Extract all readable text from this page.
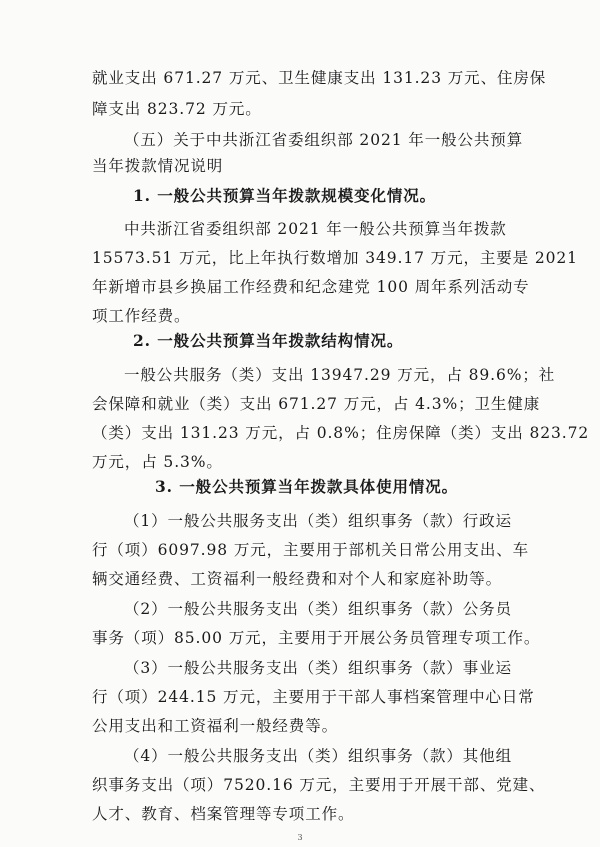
就业支出 671.27 万元、卫生健康支出 131.23 万元、住房保
障支出 823.72 万元。
（五）关于中共浙江省委组织部 2021 年一般公共预算
当年拨款情况说明
1. 一般公共预算当年拨款规模变化情况。
中共浙江省委组织部 2021 年一般公共预算当年拨款
15573.51 万元，比上年执行数增加 349.17 万元，主要是 2021
年新增市县乡换届工作经费和纪念建党 100 周年系列活动专
项工作经费。
2. 一般公共预算当年拨款结构情况。
一般公共服务（类）支出 13947.29 万元，占 89.6%；社
会保障和就业（类）支出 671.27 万元，占 4.3%；卫生健康
（类）支出 131.23 万元，占 0.8%；住房保障（类）支出 823.72
万元，占 5.3%。
3. 一般公共预算当年拨款具体使用情况。
（1）一般公共服务支出（类）组织事务（款）行政运
行（项）6097.98 万元，主要用于部机关日常公用支出、车
辆交通经费、工资福利一般经费和对个人和家庭补助等。
（2）一般公共服务支出（类）组织事务（款）公务员
事务（项）85.00 万元，主要用于开展公务员管理专项工作。
（3）一般公共服务支出（类）组织事务（款）事业运
行（项）244.15 万元，主要用于干部人事档案管理中心日常
公用支出和工资福利一般经费等。
（4）一般公共服务支出（类）组织事务（款）其他组
织事务支出（项）7520.16 万元，主要用于开展干部、党建、
人才、教育、档案管理等专项工作。
3
